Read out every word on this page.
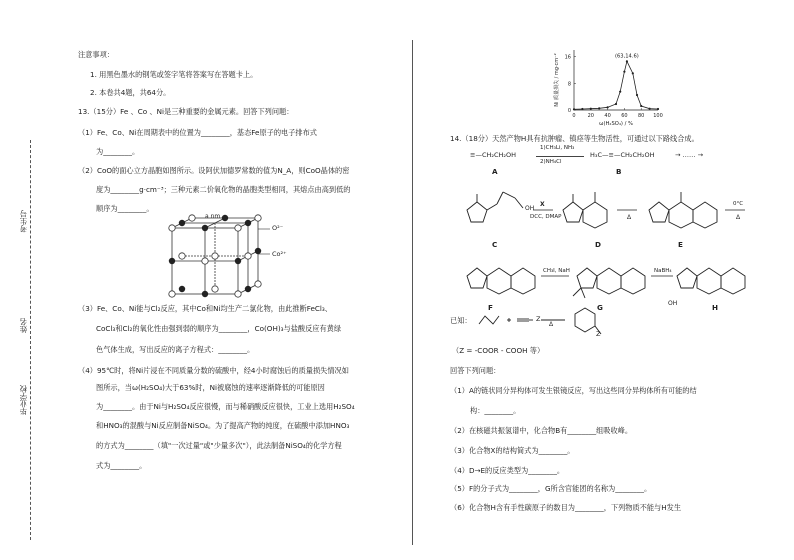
考生号
姓名
毕业学校
注意事项：
1. 用黑色墨水的钢笔或签字笔将答案写在答题卡上。
2. 本卷共4题，共64分。
13.（15分）Fe 、Co 、Ni是三种重要的金属元素。回答下列问题：
（1）Fe、Co、Ni在周期表中的位置为________，基态Fe原子的电子排布式
为________。
（2）CoO的面心立方晶胞如图所示。设阿伏加德罗常数的值为N_A，则CoO晶体的密
度为________g·cm⁻³；三种元素二价氧化物的晶胞类型相同，其熔点由高到低的
顺序为________。
a nm
O²⁻
Co²⁺
（3）Fe、Co、Ni能与Cl₂反应，其中Co和Ni均生产二氯化物，由此推断FeCl₃、
CoCl₃和Cl₂的氧化性由强到弱的顺序为________，Co(OH)₃与盐酸反应有黄绿
色气体生成，写出反应的离子方程式：________。
（4）95℃时，将Ni片浸在不同质量分数的硫酸中，经4小时腐蚀后的质量损失情况如
图所示，当ω(H₂SO₄)大于63%时，Ni被腐蚀的速率逐渐降低的可能原因
为________。由于Ni与H₂SO₄反应很慢，而与稀硝酸反应很快，工业上选用H₂SO₄
和HNO₃的混酸与Ni反应制备NiSO₄。为了提高产物的纯度，在硫酸中添加HNO₃
的方式为________（填"一次过量"或"少量多次"），此法制备NiSO₄的化学方程
式为________。
0 20 40 60 80 100
0
8
16	(63,14.6)
ω(H₂SO₄) / %
Ni 质量损失 / mg·cm⁻²
14.（18分）天然产物H具有抗肿瘤、镇痉等生物活性，可通过以下路线合成。
≡—CH₂CH₂OH
1)CH₃Li, NH₃
2)NH₄Cl
H₃C—≡—CH₂CH₂OH	→ …… →
A	B
OH
X
DCC, DMAP	Δ
0°C
Δ
C	D	E
CH₃I, NaH	NaBH₄
OH
F	G	H
已知：	Z
Δ
Z
（Z = -COOR - COOH 等）
回答下列问题：
（1）A的链状同分异构体可发生银镜反应，写出这些同分异构体所有可能的结
构：________。
（2）在核磁共振氢谱中，化合物B有________组吸收峰。
（3）化合物X的结构简式为________。
（4）D→E的反应类型为________。
（5）F的分子式为________，G所含官能团的名称为________。
（6）化合物H含有手性碳原子的数目为________，下列物质不能与H发生
